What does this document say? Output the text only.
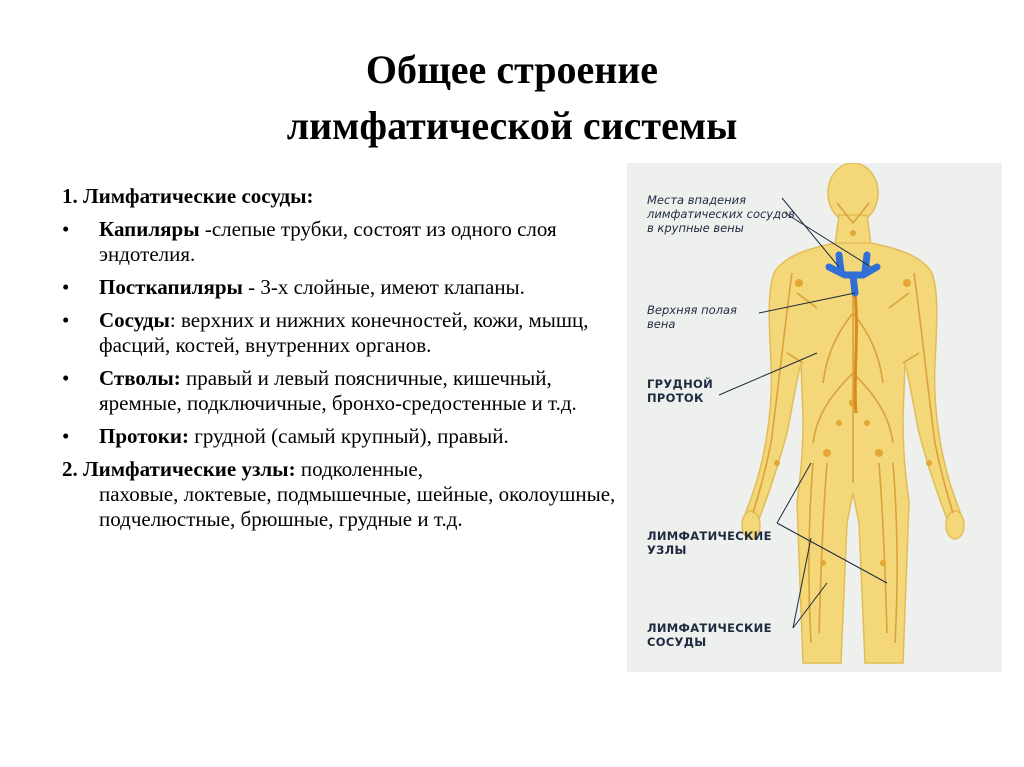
Общее строение
лимфатической системы
1. Лимфатические сосуды:
• Капиляры -слепые трубки, состоят из одного слоя эндотелия.
• Посткапиляры - 3-х слойные, имеют клапаны.
• Сосуды: верхних и нижних конечностей, кожи, мышц, фасций, костей, внутренних органов.
• Стволы: правый и левый поясничные, кишечный, яремные, подключичные, бронхо-средостенные и т.д.
• Протоки: грудной (самый крупный), правый.
2. Лимфатические узлы: подколенные,
паховые, локтевые, подмышечные, шейные, околоушные, подчелюстные, брюшные, грудные и т.д.
Места впадения лимфатических сосудов в крупные вены
Верхняя полая вена
ГРУДНОЙ ПРОТОК
ЛИМФАТИЧЕСКИЕ УЗЛЫ
ЛИМФАТИЧЕСКИЕ СОСУДЫ
